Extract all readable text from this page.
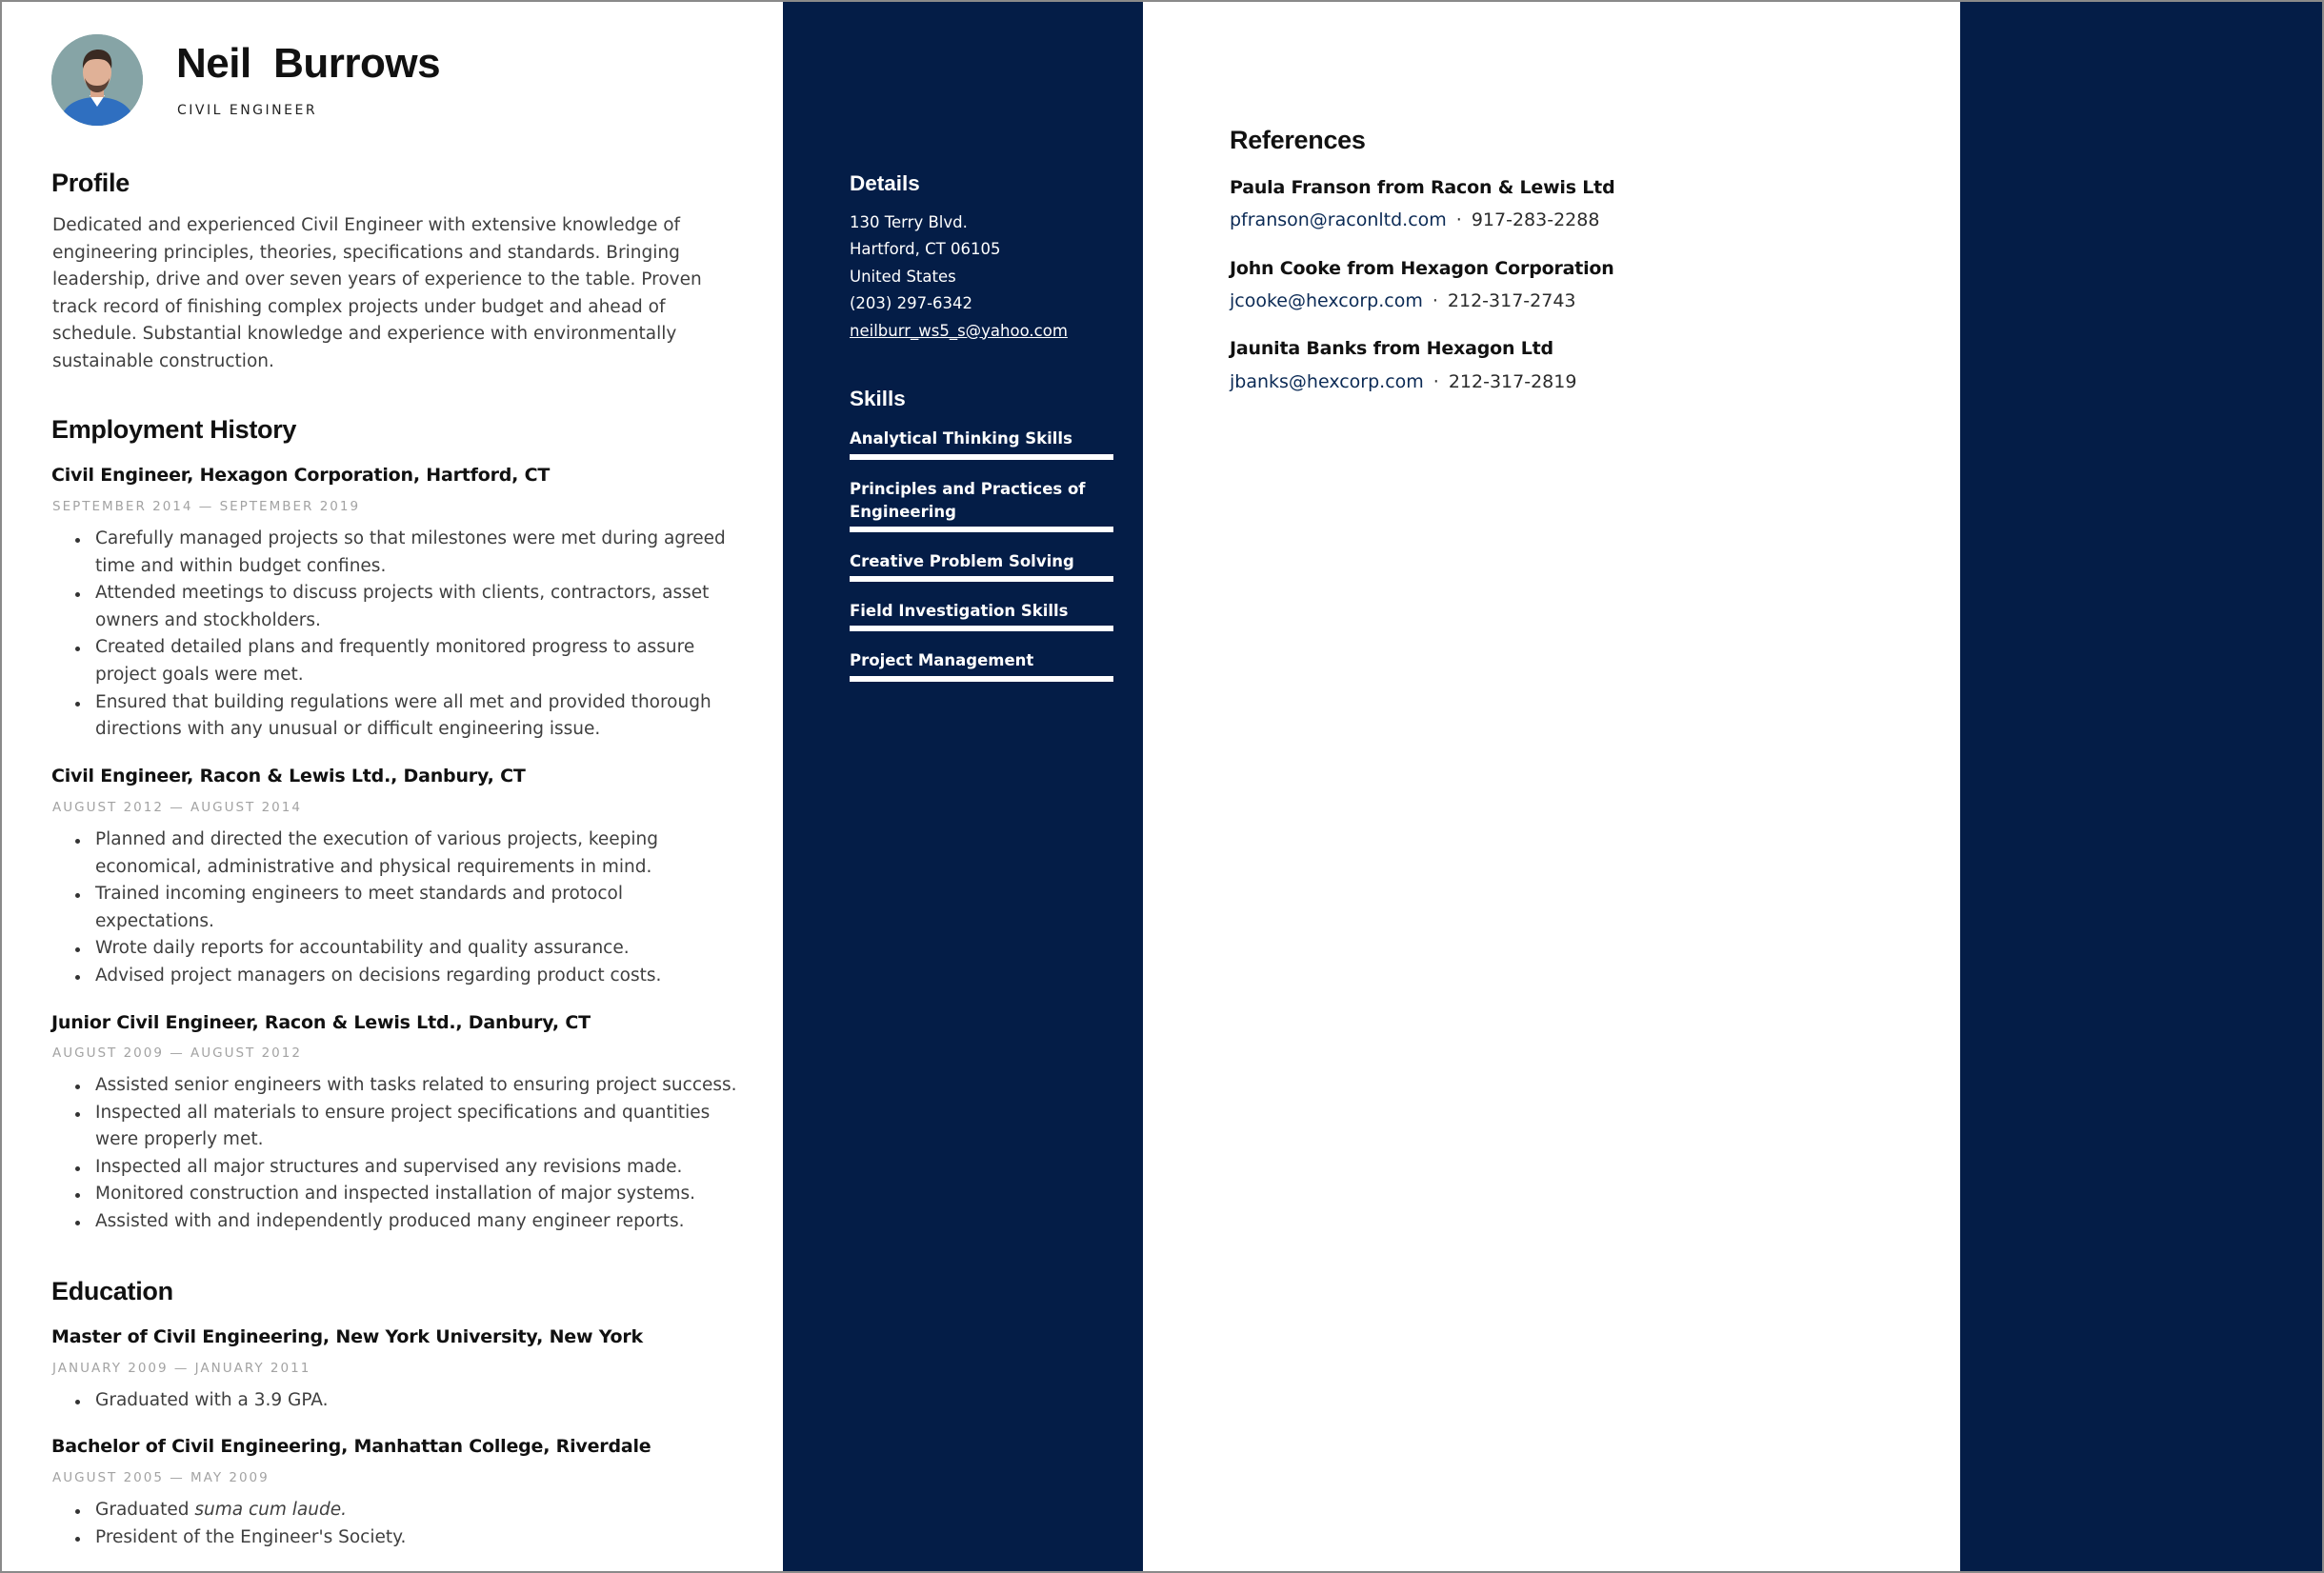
Neil  Burrows
CIVIL ENGINEER
Profile
Dedicated and experienced Civil Engineer with extensive knowledge of
engineering principles, theories, specifications and standards. Bringing
leadership, drive and over seven years of experience to the table. Proven
track record of finishing complex projects under budget and ahead of
schedule. Substantial knowledge and experience with environmentally
sustainable construction.
Employment History
Civil Engineer, Hexagon Corporation, Hartford, CT
SEPTEMBER 2014 — SEPTEMBER 2019
Carefully managed projects so that milestones were met during agreed
time and within budget confines.
Attended meetings to discuss projects with clients, contractors, asset
owners and stockholders.
Created detailed plans and frequently monitored progress to assure
project goals were met.
Ensured that building regulations were all met and provided thorough
directions with any unusual or difficult engineering issue.
Civil Engineer, Racon & Lewis Ltd., Danbury, CT
AUGUST 2012 — AUGUST 2014
Planned and directed the execution of various projects, keeping
economical, administrative and physical requirements in mind.
Trained incoming engineers to meet standards and protocol
expectations.
Wrote daily reports for accountability and quality assurance.
Advised project managers on decisions regarding product costs.
Junior Civil Engineer, Racon & Lewis Ltd., Danbury, CT
AUGUST 2009 — AUGUST 2012
Assisted senior engineers with tasks related to ensuring project success.
Inspected all materials to ensure project specifications and quantities
were properly met.
Inspected all major structures and supervised any revisions made.
Monitored construction and inspected installation of major systems.
Assisted with and independently produced many engineer reports.
Education
Master of Civil Engineering, New York University, New York
JANUARY 2009 — JANUARY 2011
Graduated with a 3.9 GPA.
Bachelor of Civil Engineering, Manhattan College, Riverdale
AUGUST 2005 — MAY 2009
Graduated suma cum laude.
President of the Engineer's Society.
Details
130 Terry Blvd.
Hartford, CT 06105
United States
(203) 297-6342
neilburr_ws5_s@yahoo.com
Skills
Analytical Thinking Skills
Principles and Practices of
Engineering
Creative Problem Solving
Field Investigation Skills
Project Management
References
Paula Franson from Racon & Lewis Ltd
pfranson@raconltd.com · 917-283-2288
John Cooke from Hexagon Corporation
jcooke@hexcorp.com · 212-317-2743
Jaunita Banks from Hexagon Ltd
jbanks@hexcorp.com · 212-317-2819
